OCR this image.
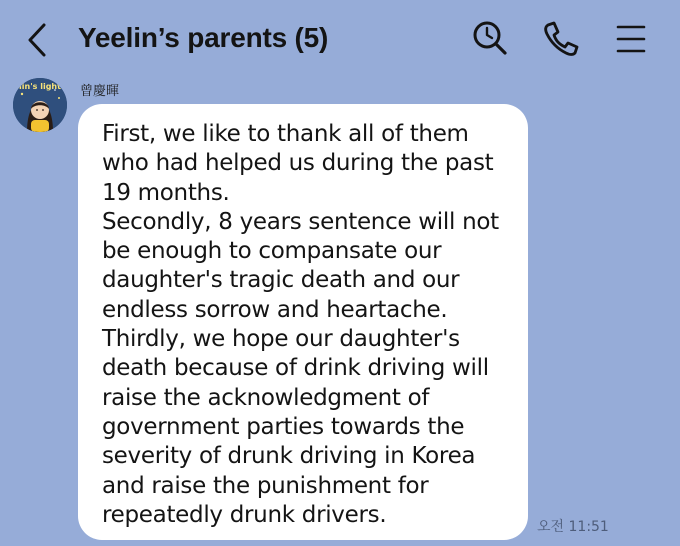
Yeelin’s parents (5)
lin's light	曾慶暉
First, we like to thank all of them
who had helped us during the past
19 months.
Secondly, 8 years sentence will not
be enough to compansate our
daughter's tragic death and our
endless sorrow and heartache.
Thirdly, we hope our daughter's
death because of drink driving will
raise the acknowledgment of
government parties towards the
severity of drunk driving in Korea
and raise the punishment for
repeatedly drunk drivers.	오전 11:51
